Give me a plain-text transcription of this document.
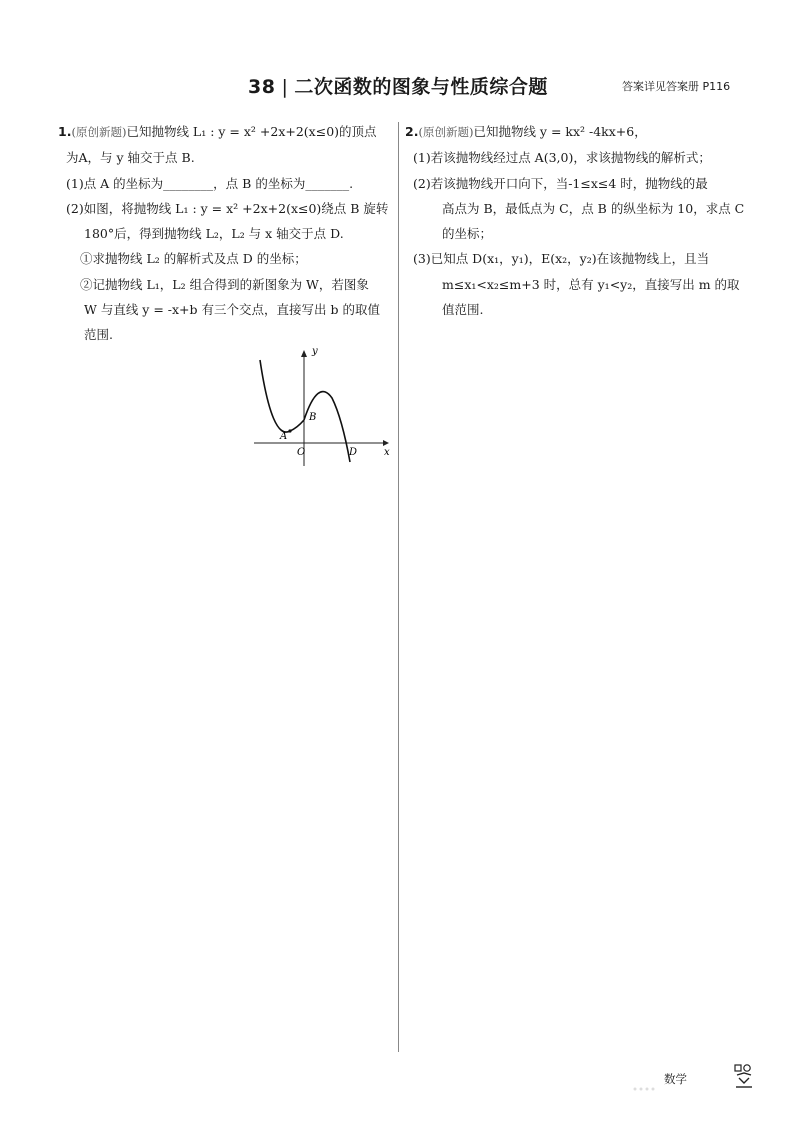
38 | 二次函数的图象与性质综合题	答案详见答案册 P116
1.(原创新题)已知抛物线 L₁ : y = x² +2x+2(x≤0)的顶点
为A，与 y 轴交于点 B.
(1)点 A 的坐标为________，点 B 的坐标为_______.
(2)如图，将抛物线 L₁ : y = x² +2x+2(x≤0)绕点 B 旋转
180°后，得到抛物线 L₂，L₂ 与 x 轴交于点 D.
①求抛物线 L₂ 的解析式及点 D 的坐标；
②记抛物线 L₁，L₂ 组合得到的新图象为 W，若图象
W 与直线 y = -x+b 有三个交点，直接写出 b 的取值
范围.
y
x
O
A
B
D
2.(原创新题)已知抛物线 y = kx² -4kx+6，
(1)若该抛物线经过点 A(3,0)，求该抛物线的解析式；
(2)若该抛物线开口向下，当-1≤x≤4 时，抛物线的最
高点为 B，最低点为 C，点 B 的纵坐标为 10，求点 C
的坐标；
(3)已知点 D(x₁，y₁)，E(x₂，y₂)在该抛物线上，且当
m≤x₁<x₂≤m+3 时，总有 y₁<y₂，直接写出 m 的取
值范围.
数学
